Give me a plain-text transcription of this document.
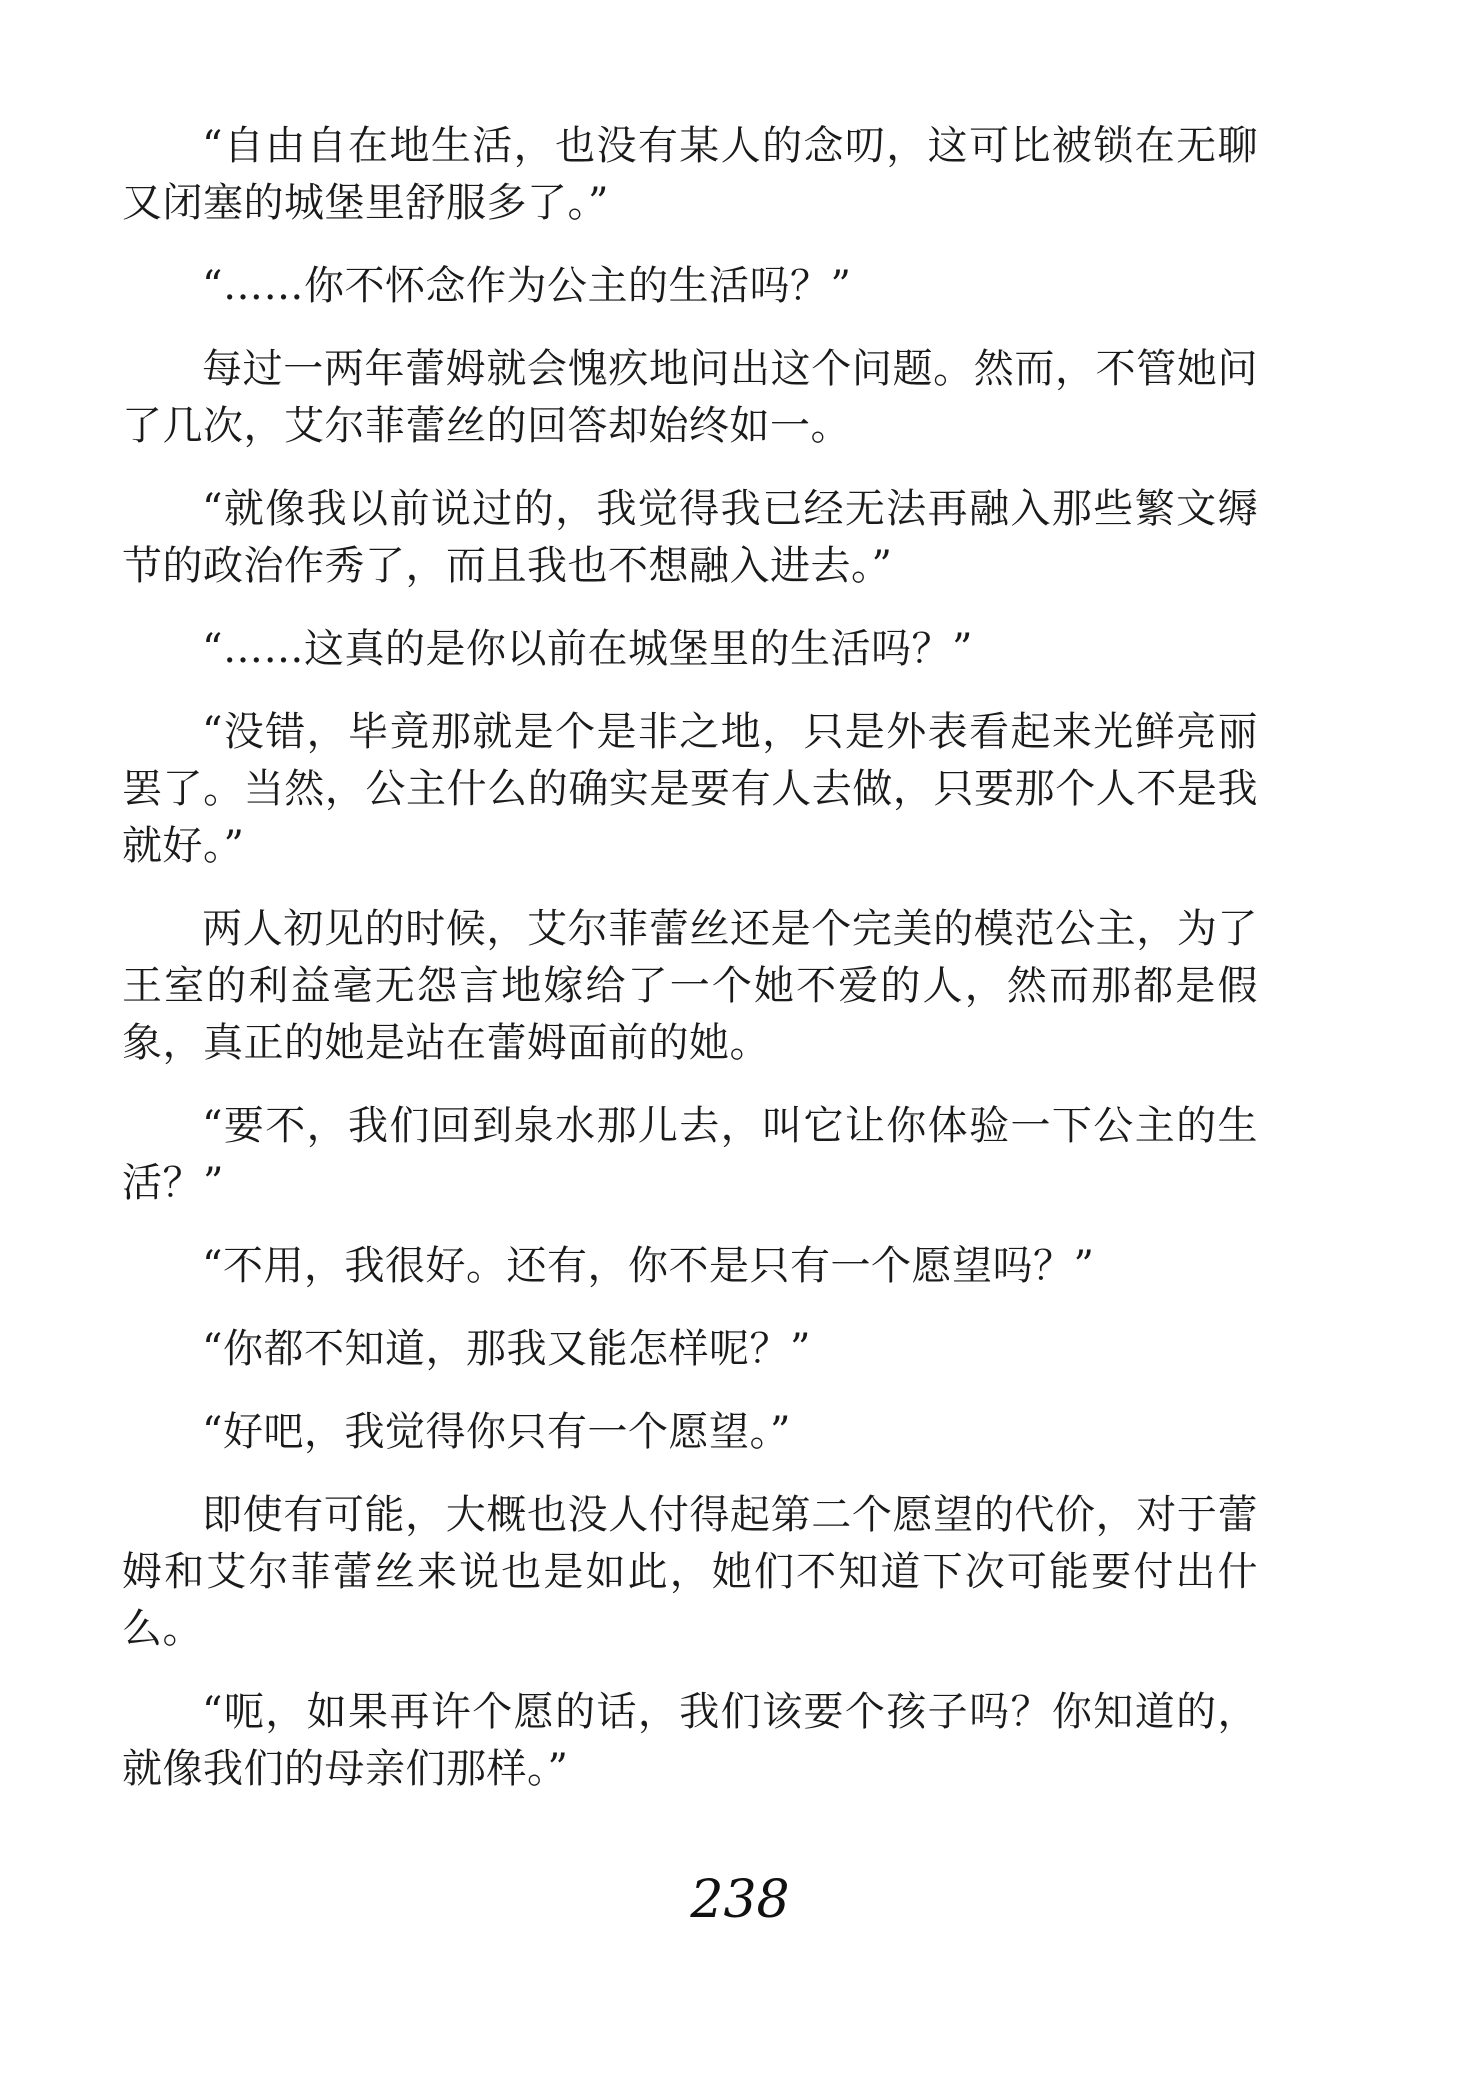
“自由自在地生活，也没有某人的念叨，这可比被锁在无聊又闭塞的城堡里舒服多了。”

“……你不怀念作为公主的生活吗？”

每过一两年蕾姆就会愧疚地问出这个问题。然而，不管她问了几次，艾尔菲蕾丝的回答却始终如一。

“就像我以前说过的，我觉得我已经无法再融入那些繁文缛节的政治作秀了，而且我也不想融入进去。”

“……这真的是你以前在城堡里的生活吗？”

“没错，毕竟那就是个是非之地，只是外表看起来光鲜亮丽罢了。当然，公主什么的确实是要有人去做，只要那个人不是我就好。”

两人初见的时候，艾尔菲蕾丝还是个完美的模范公主，为了王室的利益毫无怨言地嫁给了一个她不爱的人，然而那都是假象，真正的她是站在蕾姆面前的她。

“要不，我们回到泉水那儿去，叫它让你体验一下公主的生活？”

“不用，我很好。还有，你不是只有一个愿望吗？”

“你都不知道，那我又能怎样呢？”

“好吧，我觉得你只有一个愿望。”

即使有可能，大概也没人付得起第二个愿望的代价，对于蕾姆和艾尔菲蕾丝来说也是如此，她们不知道下次可能要付出什么。

“呃，如果再许个愿的话，我们该要个孩子吗？你知道的，就像我们的母亲们那样。”

238
